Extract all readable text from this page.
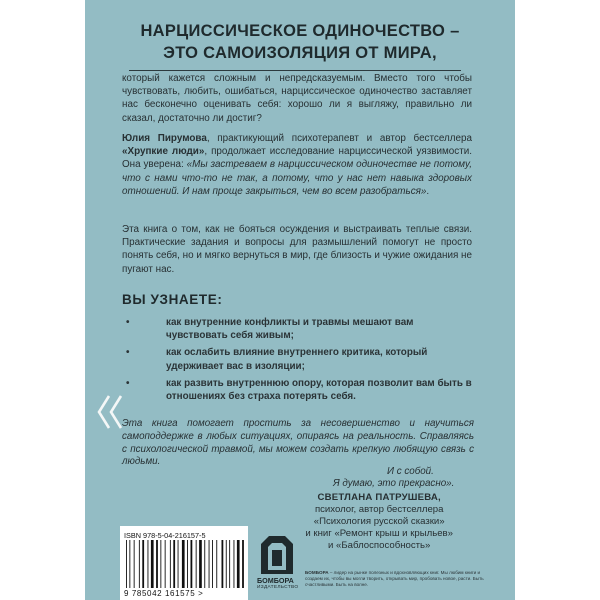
НАРЦИССИЧЕСКОЕ ОДИНОЧЕСТВО –
ЭТО САМОИЗОЛЯЦИЯ ОТ МИРА,
который кажется сложным и непредсказуемым. Вместо того чтобы чувствовать, любить, ошибаться, нарциссическое одиночество заставляет нас бесконечно оценивать себя: хорошо ли я выгляжу, правильно ли сказал, достаточно ли достиг?
Юлия Пирумова, практикующий психотерапевт и автор бестселлера «Хрупкие люди», продолжает исследование нарциссической уязвимости. Она уверена: «Мы застреваем в нарциссическом одиночестве не потому, что с нами что-то не так, а потому, что у нас нет навыка здоровых отношений. И нам проще закрыться, чем во всем разобраться».
Эта книга о том, как не бояться осуждения и выстраивать теплые связи. Практические задания и вопросы для размышлений помогут не просто понять себя, но и мягко вернуться в мир, где близость и чужие ожидания не пугают нас.
ВЫ УЗНАЕТЕ:
• как внутренние конфликты и травмы мешают вам чувствовать себя живым;
• как ослабить влияние внутреннего критика, который удерживает вас в изоляции;
• как развить внутреннюю опору, которая позволит вам быть в отношениях без страха потерять себя.
Эта книга помогает простить за несовершенство и научиться самоподдержке в любых ситуациях, опираясь на реальность. Справляясь с психологической травмой, мы можем создать крепкую любящую связь с людьми.
И с собой.
Я думаю, это прекрасно».
СВЕТЛАНА ПАТРУШЕВА,
психолог, автор бестселлера
«Психология русской сказки»
и книг «Ремонт крыш и крыльев»
и «Баблоспособность»
ISBN 978-5-04-216157-5
9 785042 161575 >
БОМБОРА
ИЗДАТЕЛЬСТВО
БОМБОРА – лидер на рынке полезных и вдохновляющих книг. Мы любим книги и создаем их, чтобы вы могли творить, открывать мир, пробовать новое, расти. Быть счастливыми. Быть на волне.
